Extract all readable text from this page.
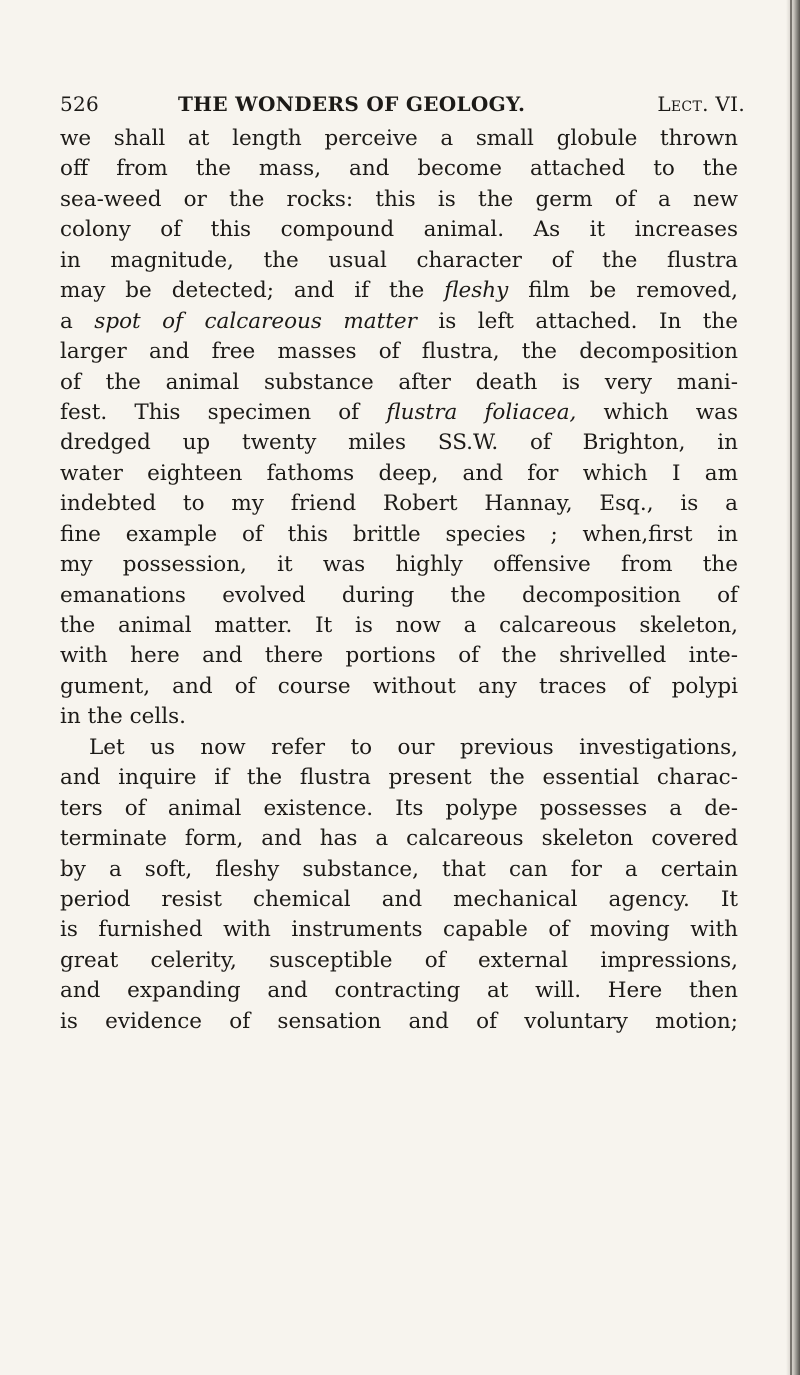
526	THE WONDERS OF GEOLOGY.	Lect. VI.
we shall at length perceive a small globule thrown
off from the mass, and become attached to the
sea-weed or the rocks: this is the germ of a new
colony of this compound animal. As it increases
in magnitude, the usual character of the flustra
may be detected; and if the fleshy film be removed,
a spot of calcareous matter is left attached. In the
larger and free masses of flustra, the decomposition
of the animal substance after death is very mani-
fest. This specimen of flustra foliacea, which was
dredged up twenty miles SS.W. of Brighton, in
water eighteen fathoms deep, and for which I am
indebted to my friend Robert Hannay, Esq., is a
fine example of this brittle species ; when,first in
my possession, it was highly offensive from the
emanations evolved during the decomposition of
the animal matter. It is now a calcareous skeleton,
with here and there portions of the shrivelled inte-
gument, and of course without any traces of polypi
in the cells.
Let us now refer to our previous investigations,
and inquire if the flustra present the essential charac-
ters of animal existence. Its polype possesses a de-
terminate form, and has a calcareous skeleton covered
by a soft, fleshy substance, that can for a certain
period resist chemical and mechanical agency. It
is furnished with instruments capable of moving with
great celerity, susceptible of external impressions,
and expanding and contracting at will. Here then
is evidence of sensation and of voluntary motion;
